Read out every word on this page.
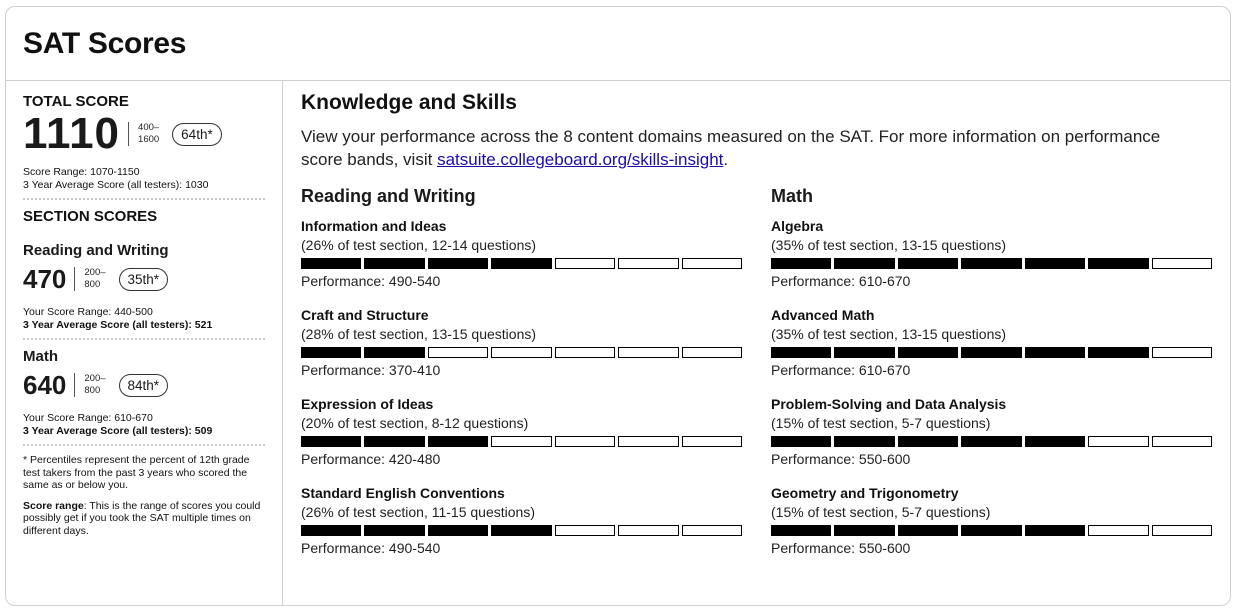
SAT Scores
TOTAL SCORE
1110	400–
1600	64th*
Score Range: 1070-1150
3 Year Average Score (all testers): 1030
SECTION SCORES
Reading and Writing
470	200–
800	35th*
Your Score Range: 440-500
3 Year Average Score (all testers): 521
Math
640	200–
800	84th*
Your Score Range: 610-670
3 Year Average Score (all testers): 509
* Percentiles represent the percent of 12th grade test takers from the past 3 years who scored the same as or below you.
Score range: This is the range of scores you could possibly get if you took the SAT multiple times on different days.
Knowledge and Skills
View your performance across the 8 content domains measured on the SAT. For more information on performance score bands, visit satsuite.collegeboard.org/skills-insight.
Reading and Writing
Information and Ideas
(26% of test section, 12-14 questions)
Performance: 490-540
Craft and Structure
(28% of test section, 13-15 questions)
Performance: 370-410
Expression of Ideas
(20% of test section, 8-12 questions)
Performance: 420-480
Standard English Conventions
(26% of test section, 11-15 questions)
Performance: 490-540
Math
Algebra
(35% of test section, 13-15 questions)
Performance: 610-670
Advanced Math
(35% of test section, 13-15 questions)
Performance: 610-670
Problem-Solving and Data Analysis
(15% of test section, 5-7 questions)
Performance: 550-600
Geometry and Trigonometry
(15% of test section, 5-7 questions)
Performance: 550-600
